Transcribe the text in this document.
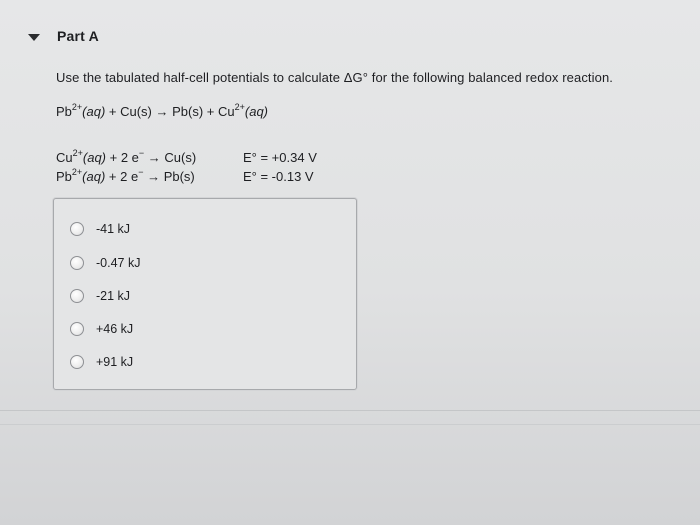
Part A
Use the tabulated half-cell potentials to calculate ΔG° for the following balanced redox reaction.
$Pb^{2+}(aq) + Cu(s) \to Pb(s) + Cu^{2+}(aq)$
$Cu^{2+}(aq) + 2$ e− → Cu(s)	E° = +0.34 V
$Pb^{2+}(aq) + 2$ e− → Pb(s)	E° = -0.13 V
-41 kJ
-0.47 kJ
-21 kJ
+46 kJ
+91 kJ
